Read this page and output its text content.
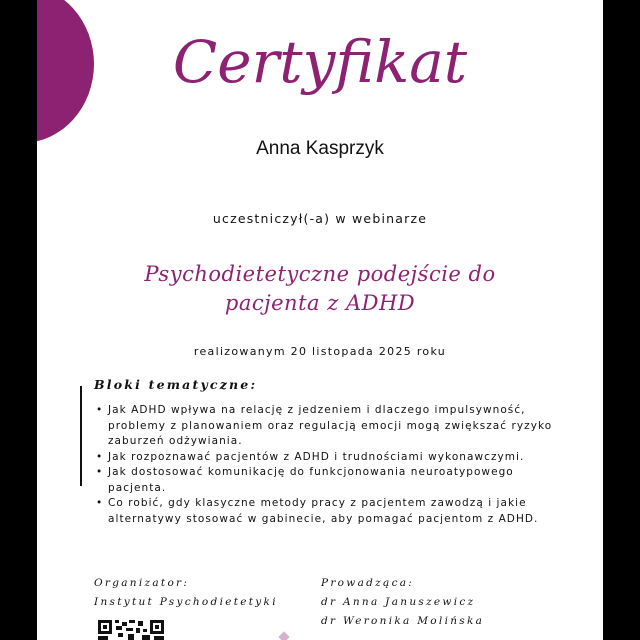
Certyfikat
Anna Kasprzyk
uczestniczył(-a) w webinarze
Psychodietetyczne podejście do pacjenta z ADHD
realizowanym 20 listopada 2025 roku
Bloki tematyczne:
• Jak ADHD wpływa na relację z jedzeniem i dlaczego impulsywność, problemy z planowaniem oraz regulacją emocji mogą zwiększać ryzyko zaburzeń odżywiania.
• Jak rozpoznawać pacjentów z ADHD i trudnościami wykonawczymi.
• Jak dostosować komunikację do funkcjonowania neuroatypowego pacjenta.
• Co robić, gdy klasyczne metody pracy z pacjentem zawodzą i jakie alternatywy stosować w gabinecie, aby pomagać pacjentom z ADHD.
Organizator:
Instytut Psychodietetyki
Prowadząca:
dr Anna Januszewicz
dr Weronika Molińska
